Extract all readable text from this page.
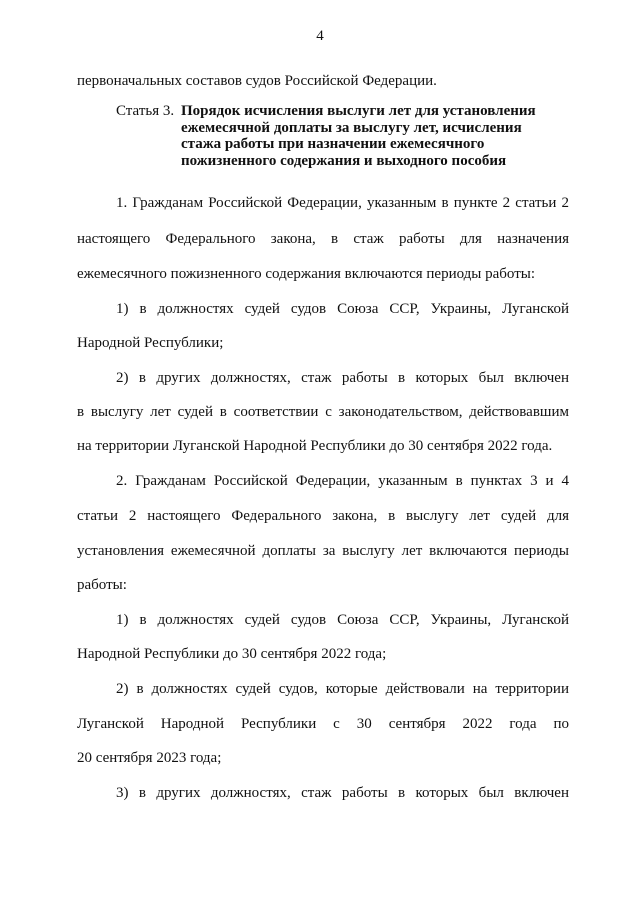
4
первоначальных составов судов Российской Федерации.
Статья 3. Порядок исчисления выслуги лет для установления
ежемесячной доплаты за выслугу лет, исчисления
стажа работы при назначении ежемесячного
пожизненного содержания и выходного пособия
1. Гражданам Российской Федерации, указанным в пункте 2 статьи 2
настоящего Федерального закона, в стаж работы для назначения
ежемесячного пожизненного содержания включаются периоды работы:
1) в должностях судей судов Союза ССР, Украины, Луганской
Народной Республики;
2) в других должностях, стаж работы в которых был включен
в выслугу лет судей в соответствии с законодательством, действовавшим
на территории Луганской Народной Республики до 30 сентября 2022 года.
2. Гражданам Российской Федерации, указанным в пунктах 3 и 4
статьи 2 настоящего Федерального закона, в выслугу лет судей для
установления ежемесячной доплаты за выслугу лет включаются периоды
работы:
1) в должностях судей судов Союза ССР, Украины, Луганской
Народной Республики до 30 сентября 2022 года;
2) в должностях судей судов, которые действовали на территории
Луганской Народной Республики с 30 сентября 2022 года по
20 сентября 2023 года;
3) в других должностях, стаж работы в которых был включен
